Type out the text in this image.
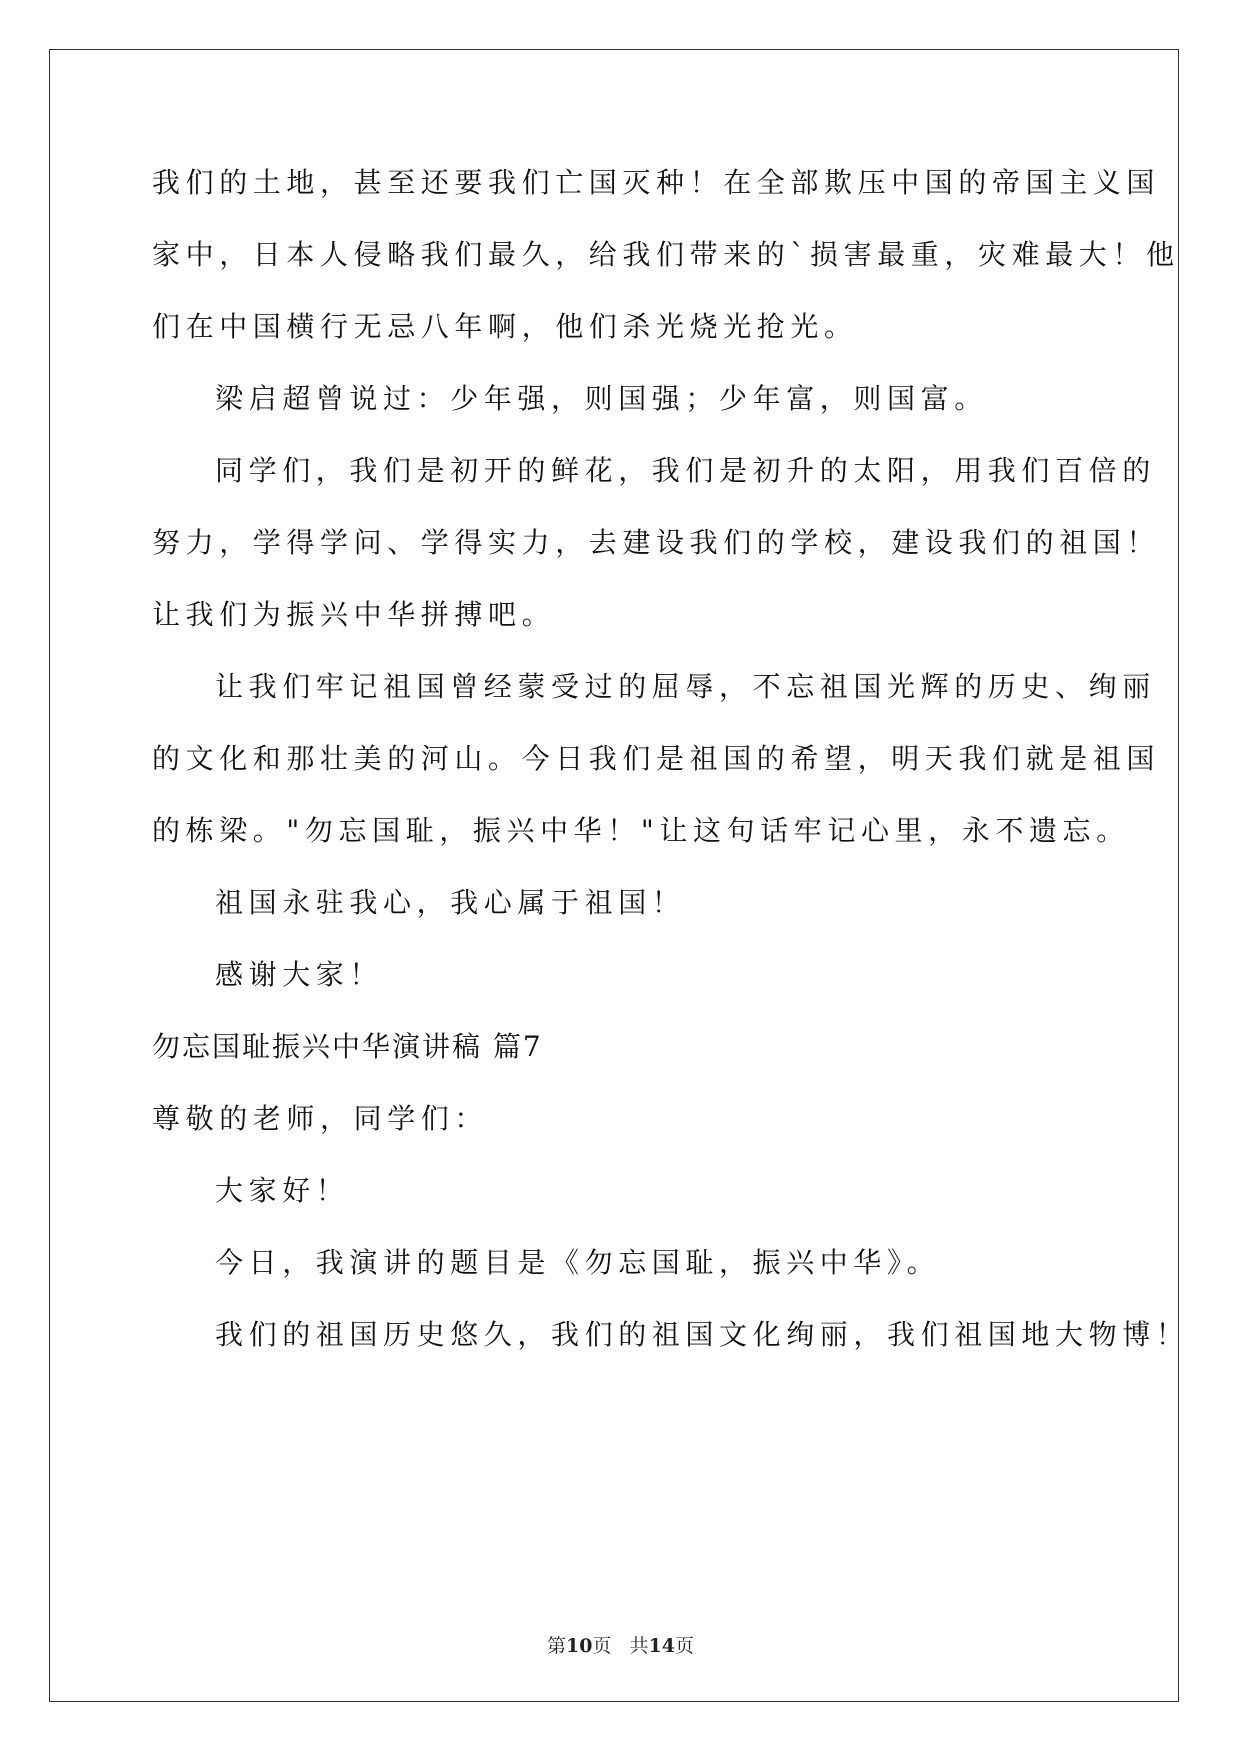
我们的土地，甚至还要我们亡国灭种！在全部欺压中国的帝国主义国
家中，日本人侵略我们最久，给我们带来的`损害最重，灾难最大！他
们在中国横行无忌八年啊，他们杀光烧光抢光。
梁启超曾说过：少年强，则国强；少年富，则国富。
同学们，我们是初开的鲜花，我们是初升的太阳，用我们百倍的
努力，学得学问、学得实力，去建设我们的学校，建设我们的祖国！
让我们为振兴中华拼搏吧。
让我们牢记祖国曾经蒙受过的屈辱，不忘祖国光辉的历史、绚丽
的文化和那壮美的河山。今日我们是祖国的希望，明天我们就是祖国
的栋梁。"勿忘国耻，振兴中华！"让这句话牢记心里，永不遗忘。
祖国永驻我心，我心属于祖国！
感谢大家！
勿忘国耻振兴中华演讲稿 篇7
尊敬的老师，同学们：
大家好！
今日，我演讲的题目是《勿忘国耻，振兴中华》。
我们的祖国历史悠久，我们的祖国文化绚丽，我们祖国地大物博！
第10页 共14页
